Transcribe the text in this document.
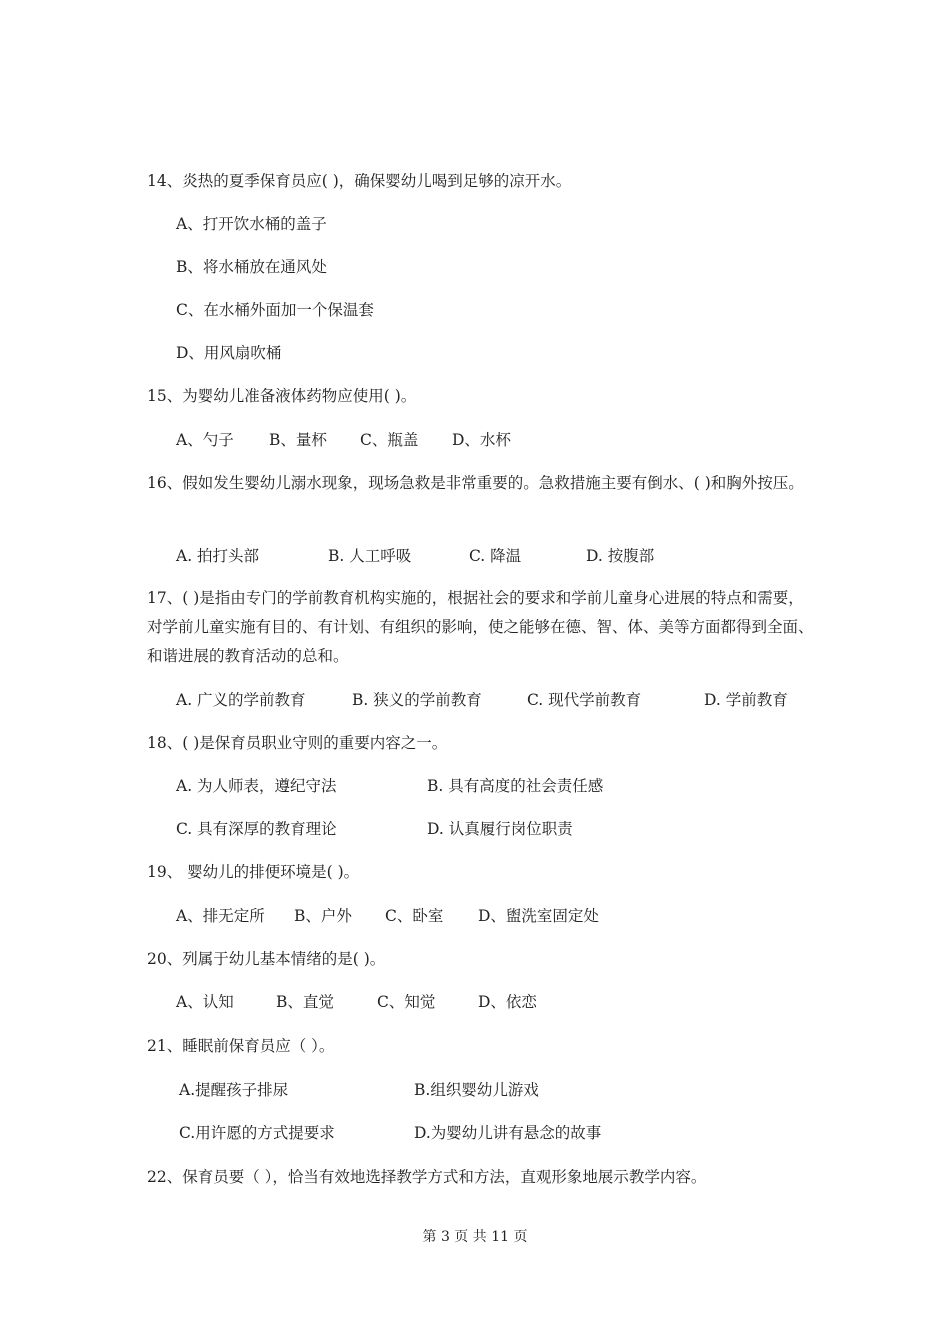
14、炎热的夏季保育员应( )，确保婴幼儿喝到足够的凉开水。
A、打开饮水桶的盖子
B、将水桶放在通风处
C、在水桶外面加一个保温套
D、用风扇吹桶
15、为婴幼儿准备液体药物应使用( )。
A、勺子 B、量杯 C、瓶盖 D、水杯
16、假如发生婴幼儿溺水现象，现场急救是非常重要的。急救措施主要有倒水、( )和胸外按压。
A. 拍打头部	B. 人工呼吸	C. 降温	D. 按腹部
17、( )是指由专门的学前教育机构实施的，根据社会的要求和学前儿童身心进展的特点和需要，对学前儿童实施有目的、有计划、有组织的影响，使之能够在德、智、体、美等方面都得到全面、和谐进展的教育活动的总和。
A. 广义的学前教育	B. 狭义的学前教育	C. 现代学前教育	D. 学前教育
18、( )是保育员职业守则的重要内容之一。
A. 为人师表，遵纪守法	B. 具有高度的社会责任感
C. 具有深厚的教育理论	D. 认真履行岗位职责
19、 婴幼儿的排便环境是( )。
A、排无定所 B、户外 C、卧室 D、盥洗室固定处
20、列属于幼儿基本情绪的是( )。
A、认知	B、直觉	C、知觉	D、依恋
21、睡眠前保育员应（ ）。
A.提醒孩子排尿	B.组织婴幼儿游戏
C.用许愿的方式提要求	D.为婴幼儿讲有悬念的故事
22、保育员要（ ），恰当有效地选择教学方式和方法，直观形象地展示教学内容。
第 3 页 共 11 页
